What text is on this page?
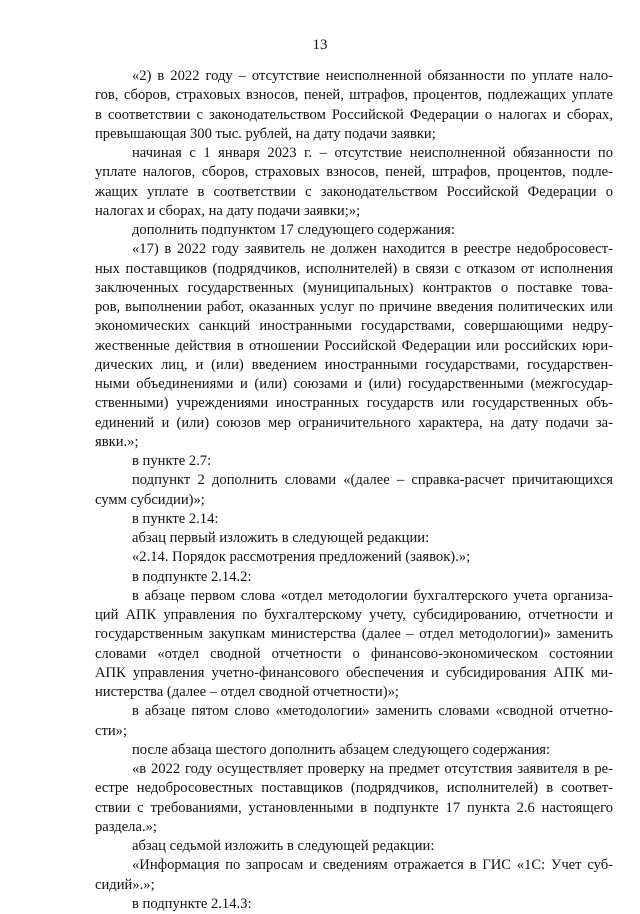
13
«2) в 2022 году – отсутствие неисполненной обязанности по уплате нало-
гов, сборов, страховых взносов, пеней, штрафов, процентов, подлежащих уплате
в соответствии с законодательством Российской Федерации о налогах и сборах,
превышающая 300 тыс. рублей, на дату подачи заявки;
начиная с 1 января 2023 г. – отсутствие неисполненной обязанности по
уплате налогов, сборов, страховых взносов, пеней, штрафов, процентов, подле-
жащих уплате в соответствии с законодательством Российской Федерации о
налогах и сборах, на дату подачи заявки;»;
дополнить подпунктом 17 следующего содержания:
«17) в 2022 году заявитель не должен находится в реестре недобросовест-
ных поставщиков (подрядчиков, исполнителей) в связи с отказом от исполнения
заключенных государственных (муниципальных) контрактов о поставке това-
ров, выполнении работ, оказанных услуг по причине введения политических или
экономических санкций иностранными государствами, совершающими недру-
жественные действия в отношении Российской Федерации или российских юри-
дических лиц, и (или) введением иностранными государствами, государствен-
ными объединениями и (или) союзами и (или) государственными (межгосудар-
ственными) учреждениями иностранных государств или государственных объ-
единений и (или) союзов мер ограничительного характера, на дату подачи за-
явки.»;
в пункте 2.7:
подпункт 2 дополнить словами «(далее – справка-расчет причитающихся
сумм субсидии)»;
в пункте 2.14:
абзац первый изложить в следующей редакции:
«2.14. Порядок рассмотрения предложений (заявок).»;
в подпункте 2.14.2:
в абзаце первом слова «отдел методологии бухгалтерского учета организа-
ций АПК управления по бухгалтерскому учету, субсидированию, отчетности и
государственным закупкам министерства (далее – отдел методологии)» заменить
словами «отдел сводной отчетности о финансово-экономическом состоянии
АПК управления учетно-финансового обеспечения и субсидирования АПК ми-
нистерства (далее – отдел сводной отчетности)»;
в абзаце пятом слово «методологии» заменить словами «сводной отчетно-
сти»;
после абзаца шестого дополнить абзацем следующего содержания:
«в 2022 году осуществляет проверку на предмет отсутствия заявителя в ре-
естре недобросовестных поставщиков (подрядчиков, исполнителей) в соответ-
ствии с требованиями, установленными в подпункте 17 пункта 2.6 настоящего
раздела.»;
абзац седьмой изложить в следующей редакции:
«Информация по запросам и сведениям отражается в ГИС «1С: Учет суб-
сидий».»;
в подпункте 2.14.3:
